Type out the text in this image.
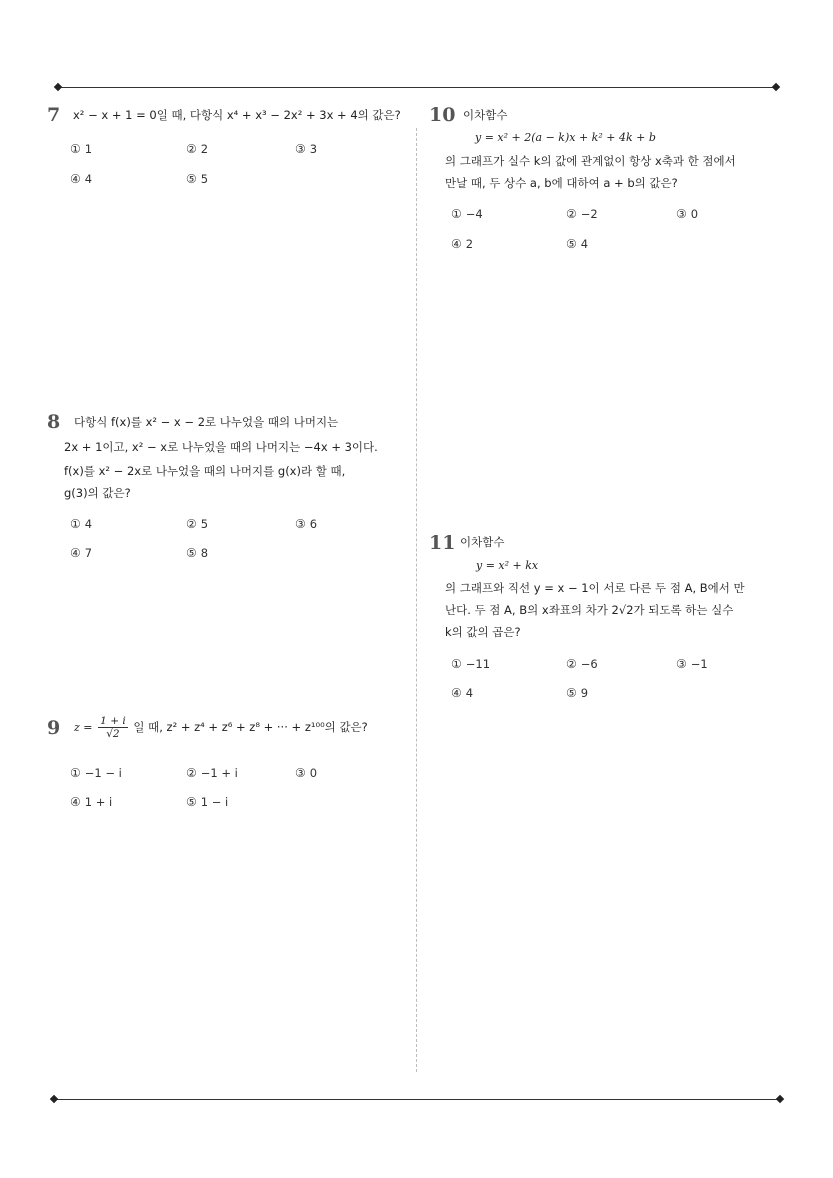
7 x² − x + 1 = 0일 때, 다항식 x⁴ + x³ − 2x² + 3x + 4의 값은?
① 1	② 2	③ 3
④ 4	⑤ 5
8 다항식 f(x)를 x² − x − 2로 나누었을 때의 나머지는
2x + 1이고, x² − x로 나누었을 때의 나머지는 −4x + 3이다.
f(x)를 x² − 2x로 나누었을 때의 나머지를 g(x)라 할 때,
g(3)의 값은?
① 4	② 5	③ 6
④ 7	⑤ 8
9 $z = \frac{1 + i}{√2}$ 일 때, z² + z⁴ + z⁶ + z⁸ + ··· + z¹⁰⁰의 값은?
① −1 − i	② −1 + i	③ 0
④ 1 + i	⑤ 1 − i
10 이차함수
y = x² + 2(a − k)x + k² + 4k + b
의 그래프가 실수 k의 값에 관계없이 항상 x축과 한 점에서
만날 때, 두 상수 a, b에 대하여 a + b의 값은?
① −4	② −2	③ 0
④ 2	⑤ 4
11 이차함수
y = x² + kx
의 그래프와 직선 y = x − 1이 서로 다른 두 점 A, B에서 만
난다. 두 점 A, B의 x좌표의 차가 2√2가 되도록 하는 실수
k의 값의 곱은?
① −11	② −6	③ −1
④ 4	⑤ 9
